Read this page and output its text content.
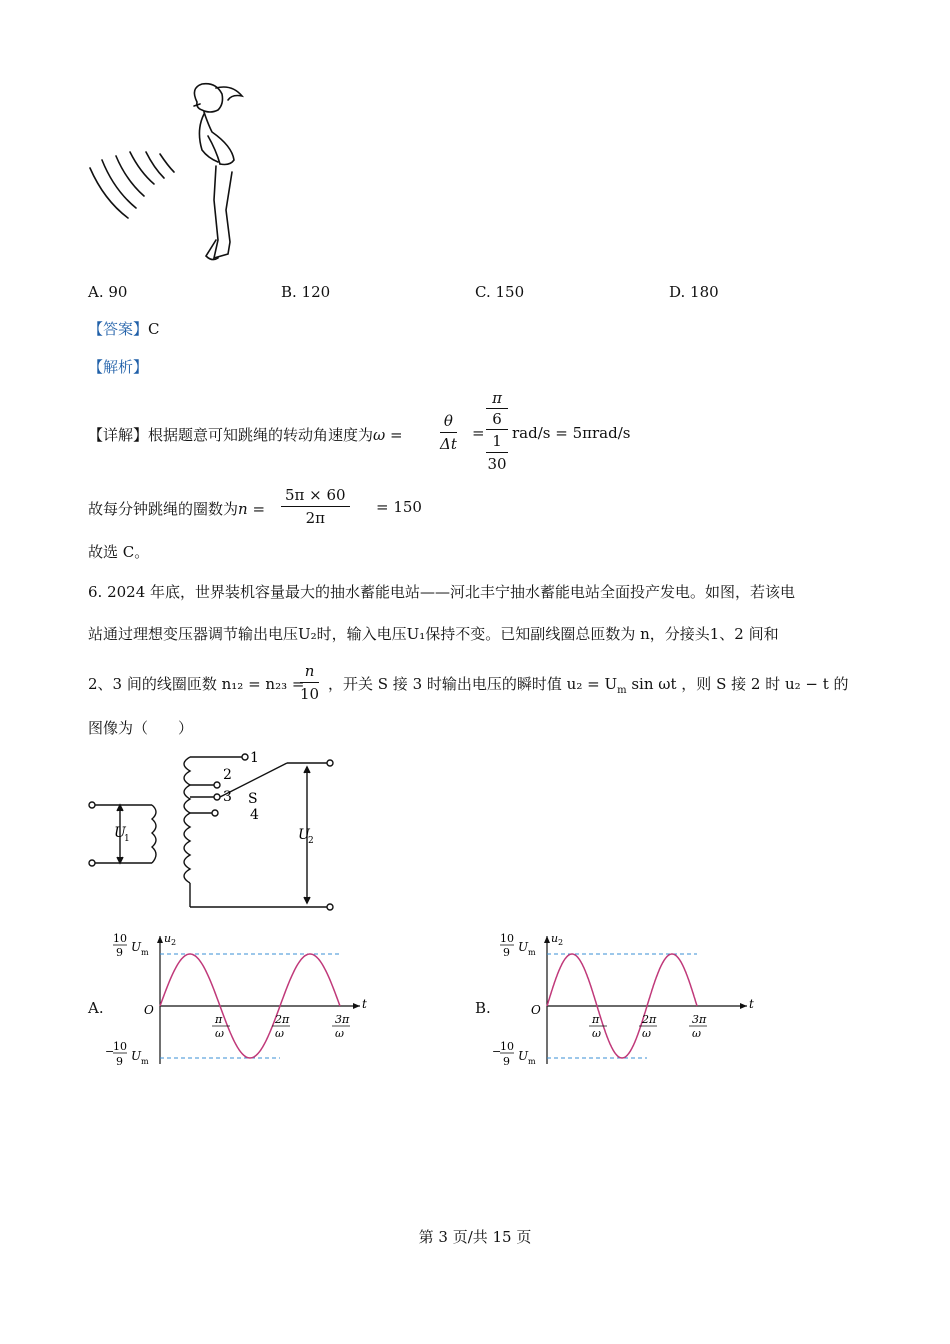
A. 90	B. 120	C. 150	D. 180
【答案】C
【解析】
【详解】根据题意可知跳绳的转动角速度为ω =
θ
Δt
=
π
6
1
30
rad/s = 5πrad/s
故每分钟跳绳的圈数为$n = \frac{5\pi \times 60}{2\pi} = 150$
故选 C。
6. 2024 年底，世界装机容量最大的抽水蓄能电站——河北丰宁抽水蓄能电站全面投产发电。如图，若该电
站通过理想变压器调节输出电压U₂时，输入电压U₁保持不变。已知副线圈总匝数为 n，分接头1、2 间和
2、3 间的线圈匝数 n₁₂ = n₂₃ =
$\frac{n}{10}$ ，开关 S 接 3 时输出电压的瞬时值 $u_2 = U_m$ sin ωt ，则 S 接 2 时 u₂ − t 的
图像为（　　）
1
2
3 S
4
U
1	U
2
A.
u 2
t
O
10
9 U m
−
10
9 U m
π
ω
2π
ω
3π
ω
B.
u 2
t
O
10
9 U m
−
10
9 U m
π
ω
2π
ω
3π
ω
第 3 页/共 15 页
